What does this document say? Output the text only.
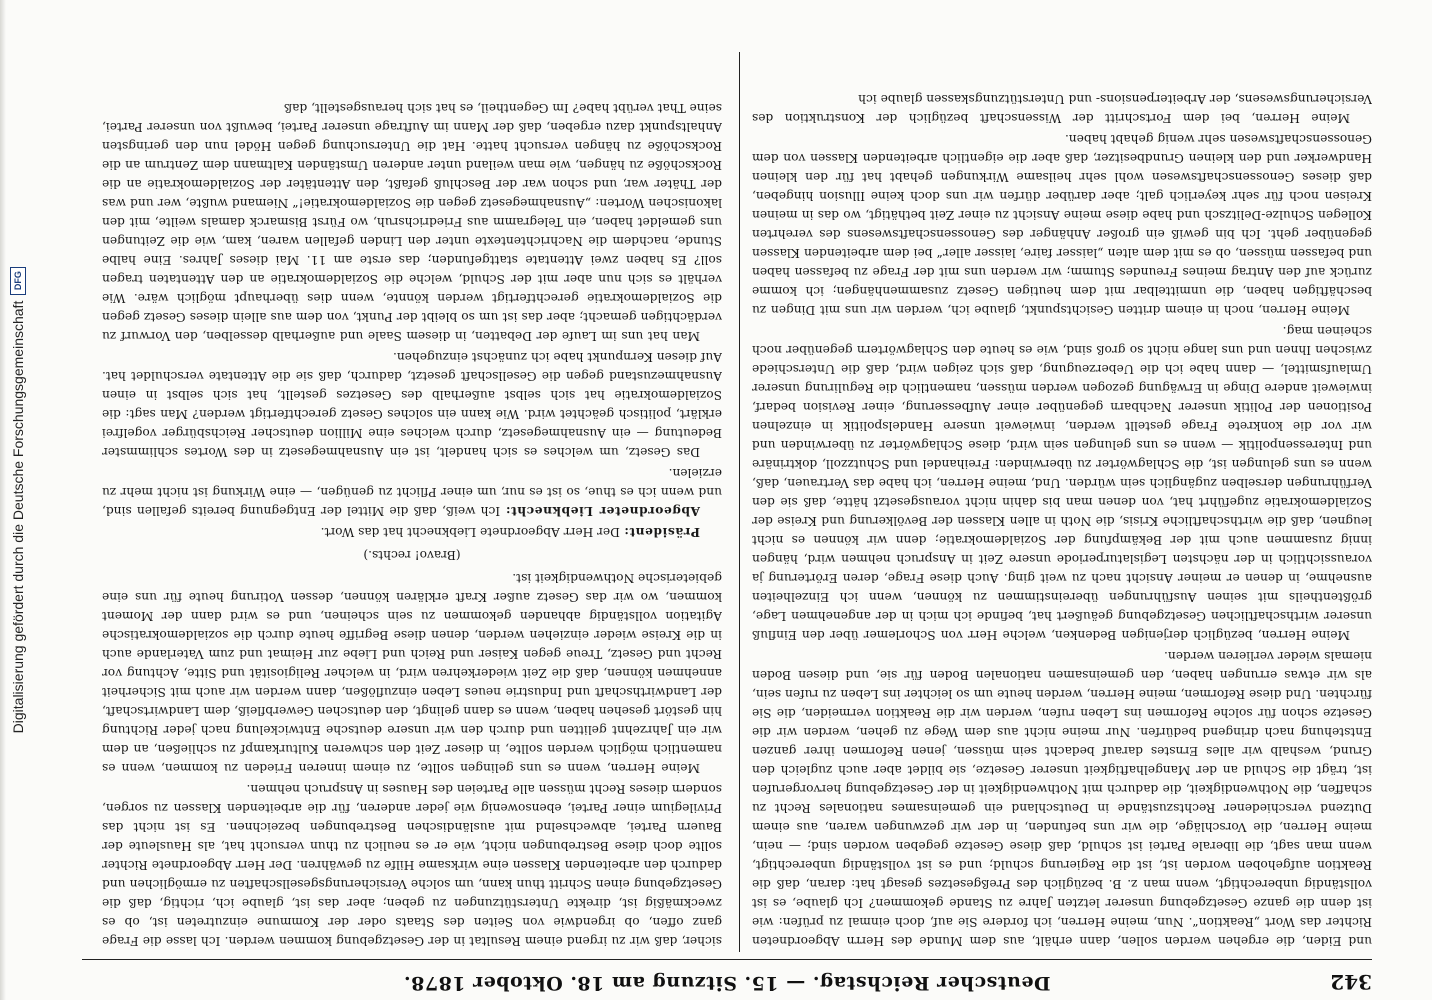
342
Deutscher Reichstag. — 15. Sitzung am 18. Oktober 1878.

und Eiden, die ergehen werden sollen, dann erhält, aus dem Munde des Herrn Abgeordneten Richter das Wort „Reaktion“. Nun, meine Herren, ich fordere Sie auf, doch einmal zu prüfen: wie ist denn die ganze Gesetzgebung unserer letzten Jahre zu Stande gekommen? Ich glaube, es ist vollständig unberechtigt, wenn man z. B. bezüglich des Preßgesetzes gesagt hat: daran, daß die Reaktion aufgehoben worden ist, ist die Regierung schuld; und es ist vollständig unberechtigt, wenn man sagt, die liberale Partei ist schuld, daß diese Gesetze gegeben worden sind; — nein, meine Herren, die Vorschläge, die wir uns befunden, in der wir gezwungen waren, aus einem Dutzend verschiedener Rechtszustände in Deutschland ein gemeinsames nationales Recht zu schaffen, die Nothwendigkeit, die dadurch mit Nothwendigkeit in der Gesetzgebung hervorgerufen ist, trägt die Schuld an der Mangelhaftigkeit unserer Gesetze, sie bildet aber auch zugleich den Grund, weshalb wir alles Ernstes darauf bedacht sein müssen, jenen Reformen ihrer ganzen Entstehung nach dringend bedürfen. Nur meine nicht aus dem Wege zu gehen, werden wir die Gesetze schon für solche Reformen ins Leben rufen, werden wir die Reaktion vermeiden, die Sie fürchten. Und diese Reformen, meine Herren, werden heute um so leichter ins Leben zu rufen sein, als wir etwas errungen haben, den gemeinsamen nationalen Boden für sie, und diesen Boden niemals wieder verlieren werden.

Meine Herren, bezüglich derjenigen Bedenken, welche Herr von Schorlemer über den Einfluß unserer wirthschaftlichen Gesetzgebung geäußert hat, befinde ich mich in der angenehmen Lage, größtentheils mit seinen Ausführungen übereinstimmen zu können, wenn ich Einzelheiten ausnehme, in denen er meiner Ansicht nach zu weit ging. Auch diese Frage, deren Erörterung ja voraussichtlich in der nächsten Legislaturperiode unsere Zeit in Anspruch nehmen wird, hängen innig zusammen auch mit der Bekämpfung der Sozialdemokratie; denn wir können es nicht leugnen, daß die wirthschaftliche Krisis, die Noth in allen Klassen der Bevölkerung und Kreise der Sozialdemokratie zugeführt hat, von denen man bis dahin nicht vorausgesetzt hätte, daß sie den Verführungen derselben zugänglich sein würden. Und, meine Herren, ich habe das Vertrauen, daß, wenn es uns gelungen ist, die Schlagwörter zu überwinden: Freihandel und Schutzzoll, doktrinäre und Interessenpolitik — wenn es uns gelungen sein wird, diese Schlagwörter zu überwinden und wir vor die konkrete Frage gestellt werden, inwieweit unsere Handelspolitik in einzelnen Positionen der Politik unserer Nachbarn gegenüber einer Aufbesserung, einer Revision bedarf, inwieweit andere Dinge in Erwägung gezogen werden müssen, namentlich die Regulirung unserer Umlaufsmittel, — dann habe ich die Ueberzeugung, daß sich zeigen wird, daß die Unterschiede zwischen Ihnen und uns lange nicht so groß sind, wie es heute den Schlagwörtern gegenüber noch scheinen mag.

Meine Herren, noch in einem dritten Gesichtspunkt, glaube ich, werden wir uns mit Dingen zu beschäftigen haben, die unmittelbar mit dem heutigen Gesetz zusammenhängen; ich komme zurück auf den Antrag meines Freundes Stumm; wir werden uns mit der Frage zu befassen haben und befassen müssen, ob es mit dem alten „laisser faire, laisser aller“ bei dem arbeitenden Klassen gegenüber geht. Ich bin gewiß ein großer Anhänger des Genossenschaftswesens des verehrten Kollegen Schulze-Delitzsch und habe diese meine Ansicht zu einer Zeit bethätigt, wo das in meinen Kreisen noch für sehr keyerlich galt; aber darüber dürfen wir uns doch keine Illusion hingeben, daß dieses Genossenschaftswesen wohl sehr heilsame Wirkungen gehabt hat für den kleinen Handwerker und den kleinen Grundbesitzer, daß aber die eigentlich arbeitenden Klassen von dem Genossenschaftswesen sehr wenig gehabt haben.

Meine Herren, bei dem Fortschritt der Wissenschaft bezüglich der Konstruktion des Versicherungswesens, der Arbeiterpensions- und Unterstützungskassen glaube ich

sicher, daß wir zu irgend einem Resultat in der Gesetzgebung kommen werden. Ich lasse die Frage ganz offen, ob irgendwie von Seiten des Staats oder der Kommune einzutreten ist, ob es zweckmäßig ist, direkte Unterstützungen zu geben; aber das ist, glaube ich, richtig, daß die Gesetzgebung einen Schritt thun kann, um solche Versicherungsgesellschaften zu ermöglichen und dadurch den arbeitenden Klassen eine wirksame Hilfe zu gewähren. Der Herr Abgeordnete Richter sollte doch diese Bestrebungen nicht, wie er es neulich zu thun versucht hat, als Hausleute der Bauern Partei, abwechselnd mit ausländischen Bestrebungen bezeichnen. Es ist nicht das Privilegium einer Partei, ebensowenig wie jeder anderen, für die arbeitenden Klassen zu sorgen, sondern dieses Recht müssen alle Parteien des Hauses in Anspruch nehmen.

Meine Herren, wenn es uns gelingen sollte, zu einem inneren Frieden zu kommen, wenn es namentlich möglich werden sollte, in dieser Zeit den schweren Kulturkampf zu schließen, an dem wir ein Jahrzehnt gelitten und durch den wir unsere deutsche Entwickelung nach jeder Richtung hin gestört gesehen haben, wenn es dann gelingt, den deutschen Gewerbfleiß, dem Landwirtschaft, der Landwirthschaft und Industrie neues Leben einzuflößen, dann werden wir auch mit Sicherheit annehmen können, daß die Zeit wiederkehren wird, in welcher Religiosität und Sitte, Achtung vor Recht und Gesetz, Treue gegen Kaiser und Reich und Liebe zur Heimat und zum Vaterlande auch in die Kreise wieder einziehen werden, denen diese Begriffe heute durch die sozialdemokratische Agitation vollständig abhanden gekommen zu sein scheinen, und es wird dann der Moment kommen, wo wir das Gesetz außer Kraft erklären können, dessen Votirung heute für uns eine gebieterische Nothwendigkeit ist.

(Bravo! rechts.)

Präsident: Der Herr Abgeordnete Liebknecht hat das Wort.

Abgeordneter Liebknecht: Ich weiß, daß die Mittel der Entgegnung bereits gefallen sind, und wenn ich es thue, so ist es nur, um einer Pflicht zu genügen, — eine Wirkung ist nicht mehr zu erzielen.

Das Gesetz, um welches es sich handelt, ist ein Ausnahmegesetz in des Wortes schlimmster Bedeutung — ein Ausnahmegesetz, durch welches eine Million deutscher Reichsbürger vogelfrei erklärt, politisch geächtet wird. Wie kann ein solches Gesetz gerechtfertigt werden? Man sagt: die Sozialdemokratie hat sich selbst außerhalb des Gesetzes gestellt, hat sich selbst in einen Ausnahmezustand gegen die Gesellschaft gesetzt, dadurch, daß sie die Attentate verschuldet hat. Auf diesen Kernpunkt habe ich zunächst einzugehen.

Man hat uns im Laufe der Debatten, in diesem Saale und außerhalb desselben, den Vorwurf zu verdächtigen gemacht; aber das ist um so bleibt der Punkt, von dem aus allein dieses Gesetz gegen die Sozialdemokratie gerechtfertigt werden könnte, wenn dies überhaupt möglich wäre. Wie verhält es sich nun aber mit der Schuld, welche die Sozialdemokratie an den Attentaten tragen soll? Es haben zwei Attentate stattgefunden; das erste am 11. Mai dieses Jahres. Eine halbe Stunde, nachdem die Nachrichtentexte unter den Linden gefallen waren, kam, wie die Zeitungen uns gemeldet haben, ein Telegramm aus Friedrichsruh, wo Fürst Bismarck damals weilte, mit den lakonischen Worten: „Ausnahmegesetz gegen die Sozialdemokratie!“ Niemand wußte, wer und was der Thäter war, und schon war der Beschluß gefaßt, den Attentäter der Sozialdemokratie an die Rockschöße zu hängen, wie man weiland unter anderen Umständen Kaltmann dem Zentrum an die Rockschöße zu hängen versucht hatte. Hat die Untersuchung gegen Hödel nun den geringsten Anhaltspunkt dazu ergeben, daß der Mann im Auftrage unserer Partei, bewußt von unserer Partei, seine That verübt habe? Im Gegentheil, es hat sich herausgestellt, daß

Digitalisierung gefördert durch die Deutsche Forschungsgemeinschaft
DFG
